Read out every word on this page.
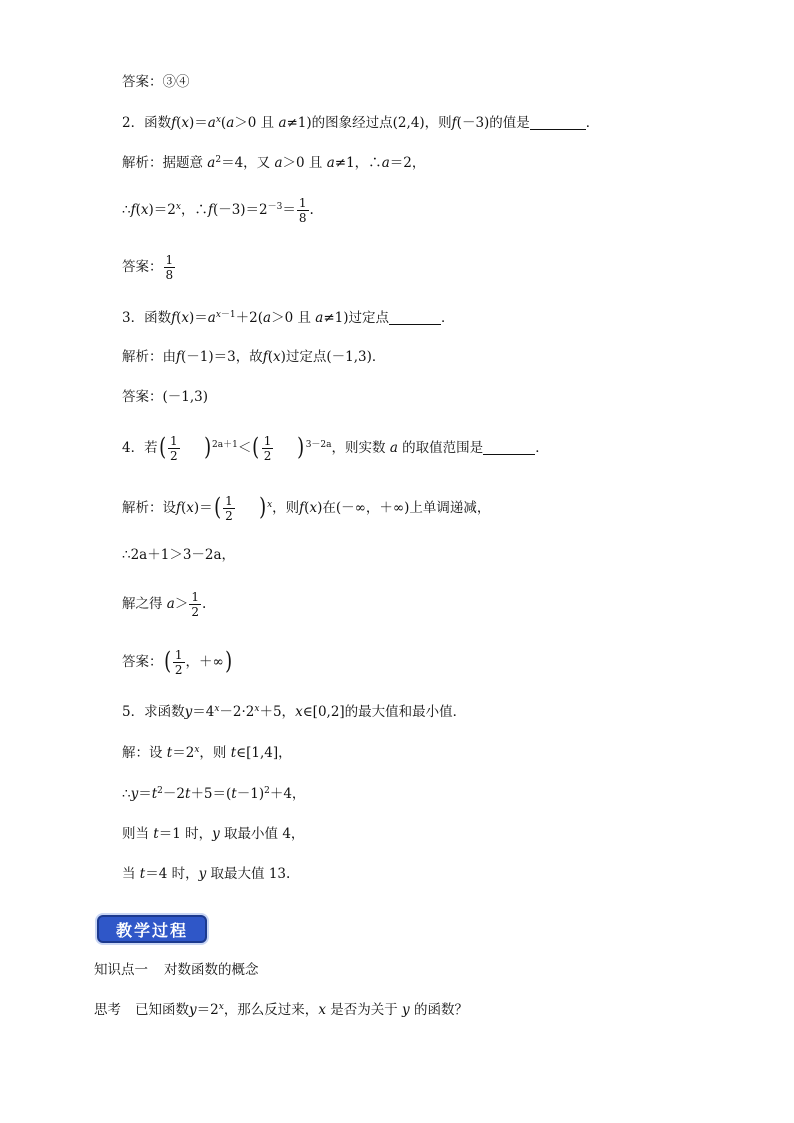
答案：③④
2．函数$f(x)=a^x(a>0$ 且 a≠1)的图象经过点(2,4)，则f(－3)的值是	．
解析：据题意 $a^2=4$，又 a＞0 且 a≠1，∴a＝2，
$\therefore f(x)=2^x$，$\therefore f(-3)=2^{-3}= \frac{1}{8}$ .
答案： $\frac{1}{8}$
3．函数$f(x)=a^{x-1}+2(a>0$ 且 a≠1)过定点	．
解析：由f(－1)＝3，故f(x)过定点(－1,3)．
答案：(－1,3)
4．若( $\frac{1}{2} )^{2a+1}<( \frac{1}{2} )^{3-2a}$，则实数 a 的取值范围是	．
解析：设$f(x)=( \frac{1}{2} )^x$，则f(x)在(－∞，＋∞)上单调递减，
∴2a＋1＞3－2a，
解之得 $a> \frac{1}{2}$ .
答案：( $\frac{1}{2}$ ，＋∞)
5．求函数$y=4^x-2\cdot 2^x+5$，x∈[0,2]的最大值和最小值．
解：设 $t=2^x$，则 t∈[1,4]，
$\therefore y=t^2-2t+5=(t-1)^2+4$，
则当 t＝1 时，y 取最小值 4，
当 t＝4 时，y 取最大值 13.
教学过程
知识点一 对数函数的概念
思考 已知函数$y=2^x$，那么反过来，x 是否为关于 y 的函数？
